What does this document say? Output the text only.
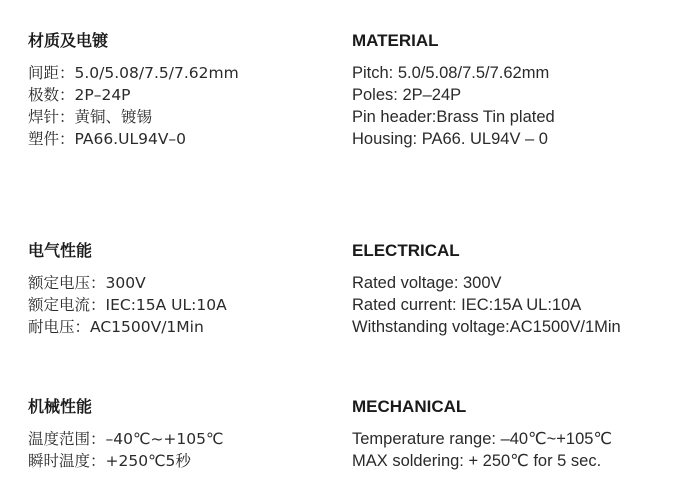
材质及电镀
间距：5.0/5.08/7.5/7.62mm
极数：2P–24P
焊针：黄铜、镀锡
塑件：PA66.UL94V–0
电气性能
额定电压：300V
额定电流：IEC:15A UL:10A
耐电压：AC1500V/1Min
机械性能
温度范围：–40℃~+105℃
瞬时温度：+250℃5秒
MATERIAL
Pitch: 5.0/5.08/7.5/7.62mm
Poles: 2P–24P
Pin header:Brass Tin plated
Housing: PA66. UL94V – 0
ELECTRICAL
Rated voltage: 300V
Rated current: IEC:15A UL:10A
Withstanding voltage:AC1500V/1Min
MECHANICAL
Temperature range: –40℃~+105℃
MAX soldering: + 250℃ for 5 sec.
